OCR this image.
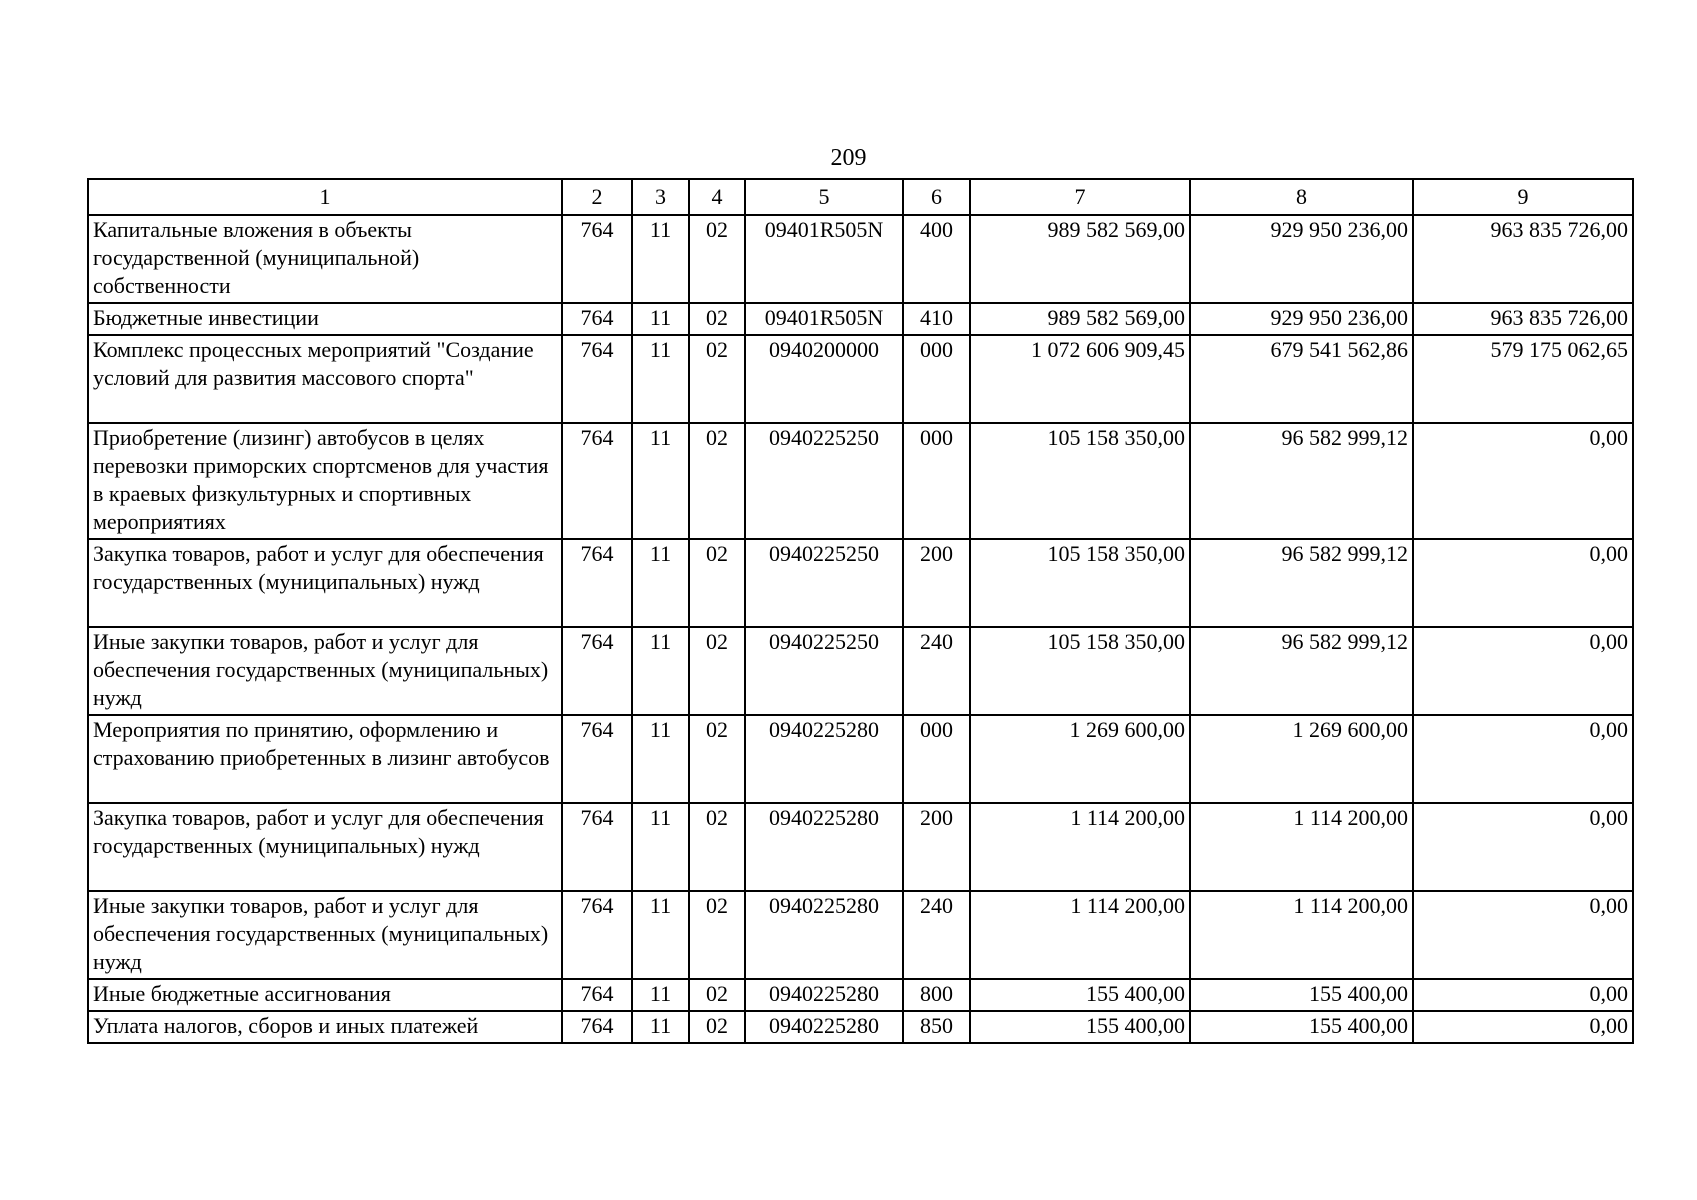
209
1	2	3	4	5	6	7	8	9
Капитальные вложения в объекты государственной (муниципальной) собственности	764	11	02	09401R505N	400	989 582 569,00	929 950 236,00	963 835 726,00
Бюджетные инвестиции	764	11	02	09401R505N	410	989 582 569,00	929 950 236,00	963 835 726,00
Комплекс процессных мероприятий "Создание условий для развития массового спорта"	764	11	02	0940200000	000	1 072 606 909,45	679 541 562,86	579 175 062,65
Приобретение (лизинг) автобусов в целях перевозки приморских спортсменов для участия в краевых физкультурных и спортивных мероприятиях	764	11	02	0940225250	000	105 158 350,00	96 582 999,12	0,00
Закупка товаров, работ и услуг для обеспечения государственных (муниципальных) нужд	764	11	02	0940225250	200	105 158 350,00	96 582 999,12	0,00
Иные закупки товаров, работ и услуг для обеспечения государственных (муниципальных) нужд	764	11	02	0940225250	240	105 158 350,00	96 582 999,12	0,00
Мероприятия по принятию, оформлению и страхованию приобретенных в лизинг автобусов	764	11	02	0940225280	000	1 269 600,00	1 269 600,00	0,00
Закупка товаров, работ и услуг для обеспечения государственных (муниципальных) нужд	764	11	02	0940225280	200	1 114 200,00	1 114 200,00	0,00
Иные закупки товаров, работ и услуг для обеспечения государственных (муниципальных) нужд	764	11	02	0940225280	240	1 114 200,00	1 114 200,00	0,00
Иные бюджетные ассигнования	764	11	02	0940225280	800	155 400,00	155 400,00	0,00
Уплата налогов, сборов и иных платежей	764	11	02	0940225280	850	155 400,00	155 400,00	0,00
